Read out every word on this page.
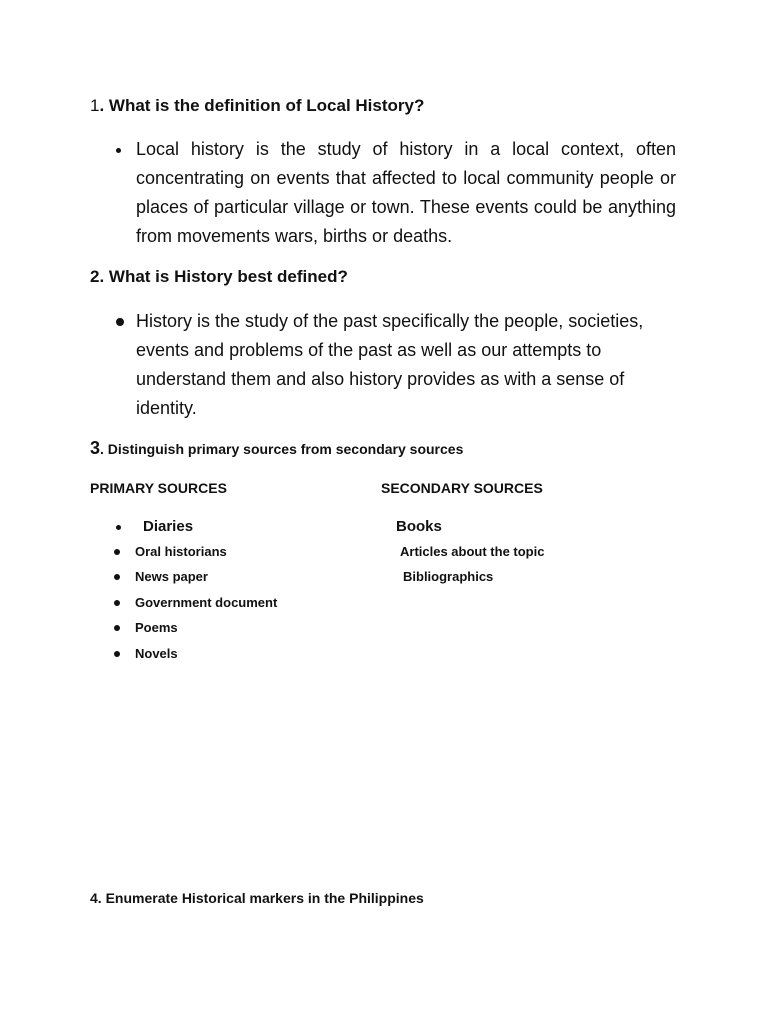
1. What is the definition of Local History?
Local history is the study of history in a local context, often concentrating on events that affected to local community people or places of particular village or town. These events could be anything from movements wars, births or deaths.
2. What is History best defined?
History is the study of the past specifically the people, societies, events and problems of the past as well as our attempts to understand them and also history provides as with a sense of identity.
3. Distinguish primary sources from secondary sources
PRIMARY SOURCES	SECONDARY SOURCES
Diaries
Oral historians
News paper
Government document
Poems
Novels
Books
Articles about the topic
Bibliographics
4. Enumerate Historical markers in the Philippines
